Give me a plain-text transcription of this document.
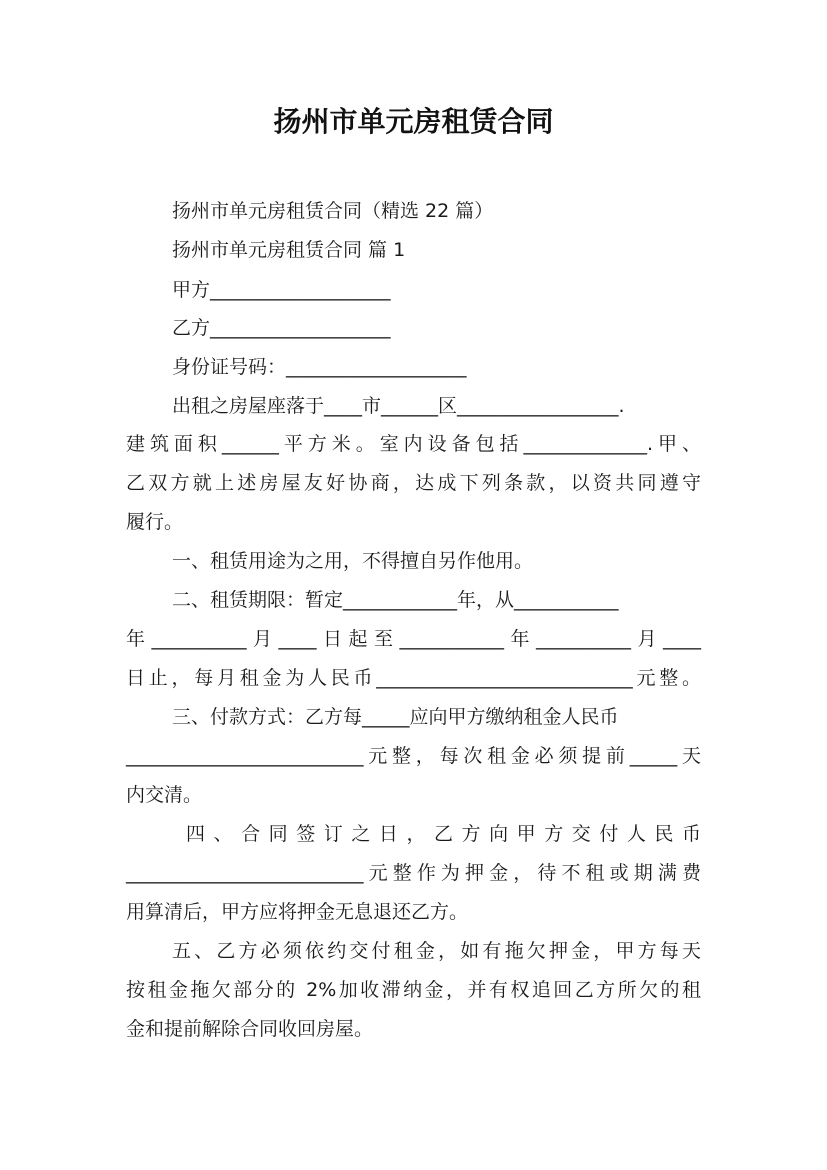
扬州市单元房租赁合同

扬州市单元房租赁合同（精选 22 篇）

扬州市单元房租赁合同 篇 1

甲方___________________

乙方___________________

身份证号码：___________________

出租之房屋座落于____市______区_________________.

建筑面积______平方米。室内设备包括_____________.甲、

乙双方就上述房屋友好协商，达成下列条款，以资共同遵守

履行。

一、租赁用途为之用，不得擅自另作他用。

二、租赁期限：暂定____________年，从___________

年__________月____日起至___________年__________月____

日止，每月租金为人民币___________________________元整。

三、付款方式：乙方每_____应向甲方缴纳租金人民币

_________________________元整，每次租金必须提前_____天

内交清。

四、合同签订之日，乙方向甲方交付人民币

_________________________元整作为押金，待不租或期满费

用算清后，甲方应将押金无息退还乙方。

五、乙方必须依约交付租金，如有拖欠押金，甲方每天

按租金拖欠部分的 2%加收滞纳金，并有权追回乙方所欠的租

金和提前解除合同收回房屋。
